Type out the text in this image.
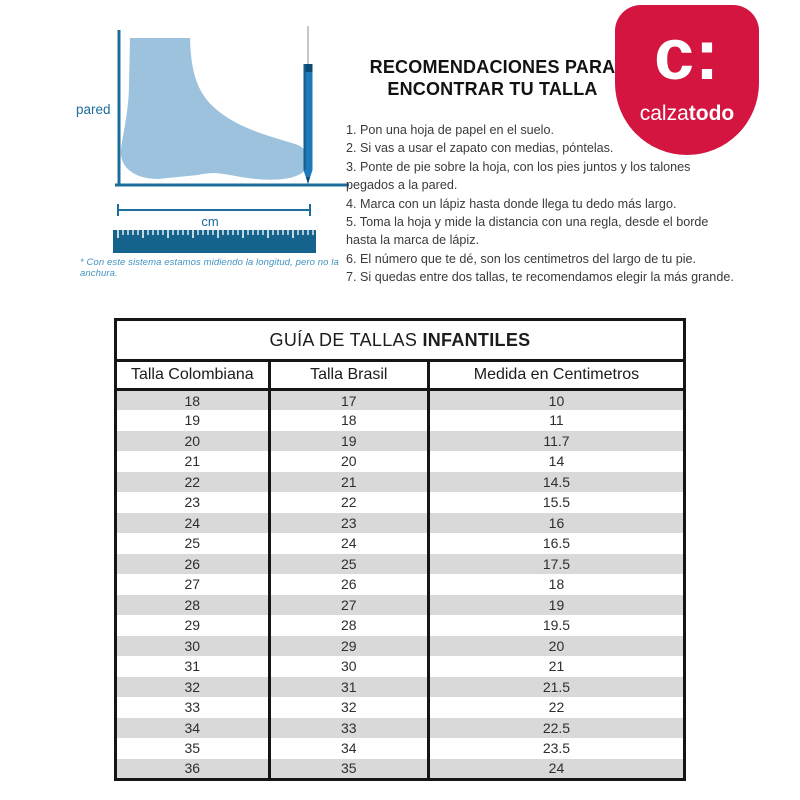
cm
pared
* Con este sistema estamos midiendo la longitud, pero no la anchura.
RECOMENDACIONES PARA ENCONTRAR TU TALLA
1. Pon una hoja de papel en el suelo.
2. Si vas a usar el zapato con medias, póntelas.
3. Ponte de pie sobre la hoja, con los pies juntos y los talones pegados a la pared.
4. Marca con un lápiz hasta donde llega tu dedo más largo.
5. Toma la hoja y mide la distancia con una regla, desde el borde hasta la marca de lápiz.
6. El número que te dé, son los centimetros del largo de tu pie.
7. Si quedas entre dos tallas, te recomendamos elegir la más grande.
c:
calzatodo
GUÍA DE TALLAS INFANTILES		
Talla Colombiana	Talla Brasil	Medida en Centimetros
18	17	10
19	18	11
20	19	11.7
21	20	14
22	21	14.5
23	22	15.5
24	23	16
25	24	16.5
26	25	17.5
27	26	18
28	27	19
29	28	19.5
30	29	20
31	30	21
32	31	21.5
33	32	22
34	33	22.5
35	34	23.5
36	35	24
